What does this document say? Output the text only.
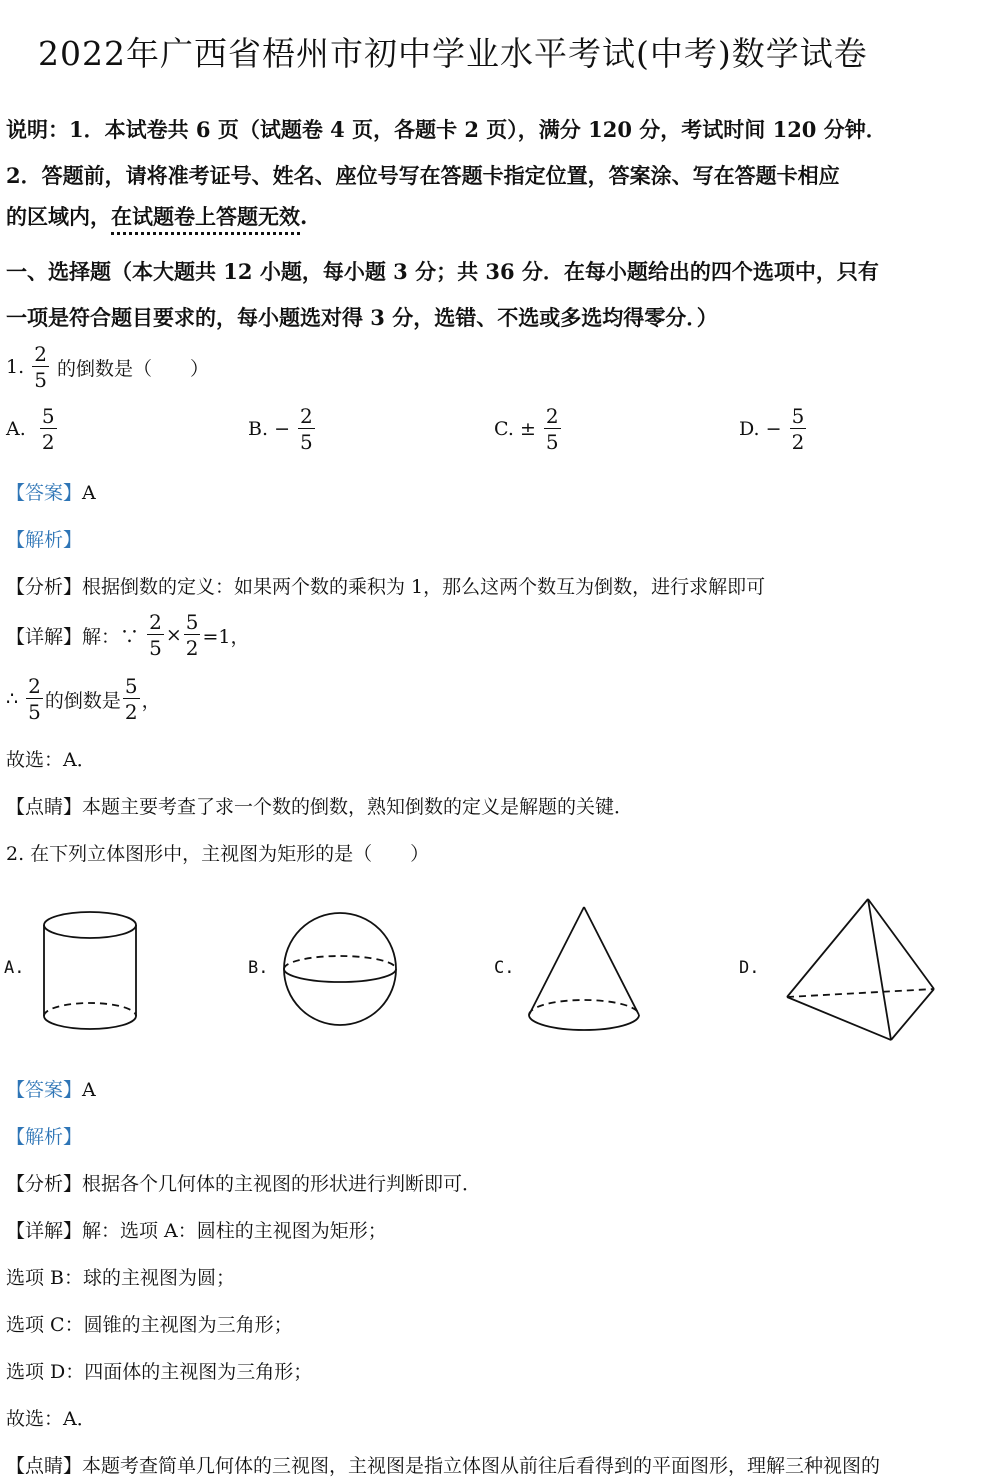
2022年广西省梧州市初中学业水平考试(中考)数学试卷
说明：1．本试卷共 6 页（试题卷 4 页，各题卡 2 页），满分 120 分，考试时间 120 分钟．
2．答题前，请将准考证号、姓名、座位号写在答题卡指定位置，答案涂、写在答题卡相应
的区域内，在试题卷上答题无效.
一、选择题（本大题共 12 小题，每小题 3 分；共 36 分．在每小题给出的四个选项中，只有
一项是符合题目要求的，每小题选对得 3 分，选错、不选或多选均得零分．）
1. $\frac{2}{5}$ 的倒数是（　　）
A. $\frac{5}{2}$	B. − $\frac{2}{5}$	C. ± $\frac{2}{5}$	D. − $\frac{5}{2}$
【答案】A
【解析】
【分析】根据倒数的定义：如果两个数的乘积为 1，那么这两个数互为倒数，进行求解即可
【详解】解：∵ $\frac{2}{5} \times \frac{5}{2} =1$，
∴ $\frac{2}{5}$ 的倒数是 $\frac{5}{2}$ ，
故选：A．
【点睛】本题主要考查了求一个数的倒数，熟知倒数的定义是解题的关键．
2. 在下列立体图形中，主视图为矩形的是（　　）
A.	B.	C.	D.
【答案】A
【解析】
【分析】根据各个几何体的主视图的形状进行判断即可．
【详解】解：选项 A：圆柱的主视图为矩形；
选项 B：球的主视图为圆；
选项 C：圆锥的主视图为三角形；
选项 D：四面体的主视图为三角形；
故选：A．
【点睛】本题考查简单几何体的三视图，主视图是指立体图从前往后看得到的平面图形，理解三种视图的
